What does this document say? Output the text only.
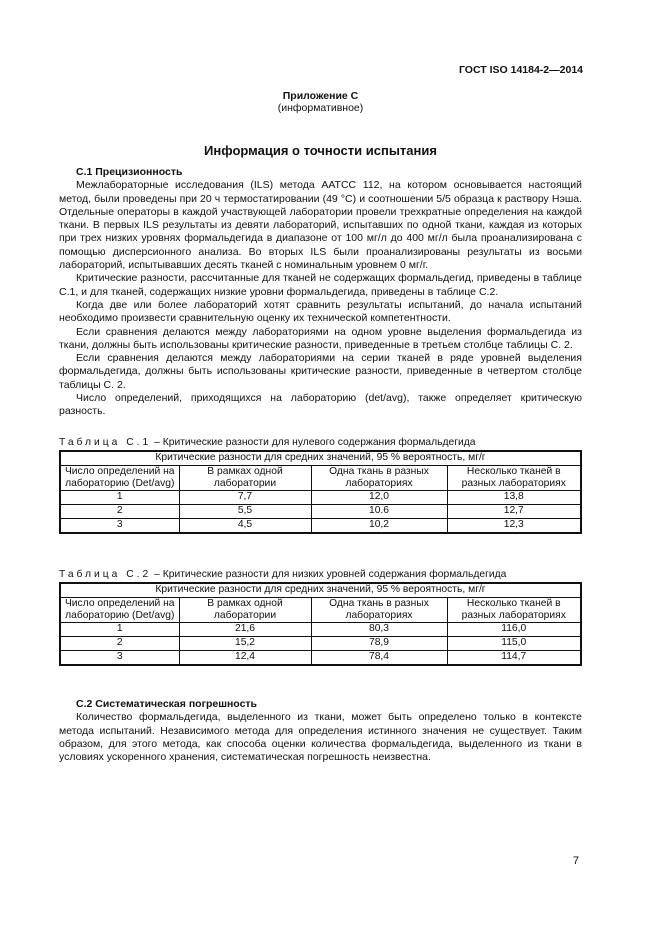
ГОСТ ISO 14184-2—2014
Приложение С
(информативное)
Информация о точности испытания
С.1 Прецизионность

Межлабораторные исследования (ILS) метода AATCC 112, на котором основывается настоящий метод, были проведены при 20 ч термостатировании (49 °С) и соотношении 5/5 образца к раствору Нэша. Отдельные операторы в каждой участвующей лаборатории провели трехкратные определения на каждой ткани. В первых ILS результаты из девяти лабораторий, испытавших по одной ткани, каждая из которых при трех низких уровнях формальдегида в диапазоне от 100 мг/л до 400 мг/л была проанализирована с помощью дисперсионного анализа. Во вторых ILS были проанализированы результаты из восьми лабораторий, испытывавших десять тканей с номинальным уровнем 0 мг/г.

Критические разности, рассчитанные для тканей не содержащих формальдегид, приведены в таблице С.1, и для тканей, содержащих низкие уровни формальдегида, приведены в таблице С.2.

Когда две или более лабораторий хотят сравнить результаты испытаний, до начала испытаний необходимо произвести сравнительную оценку их технической компетентности.

Если сравнения делаются между лабораториями на одном уровне выделения формальдегида из ткани, должны быть использованы критические разности, приведенные в третьем столбце таблицы С. 2.

Если сравнения делаются между лабораториями на серии тканей в ряде уровней выделения формальдегида, должны быть использованы критические разности, приведенные в четвертом столбце таблицы С. 2.

Число определений, приходящихся на лабораторию (det/avg), также определяет критическую разность.

Таблица С.1 – Критические разности для нулевого содержания формальдегида
Критические разности для средних значений, 95 % вероятность, мг/г			
Число определений на лабораторию (Det/avg)	В рамках одной лаборатории	Одна ткань в разных лабораториях	Несколько тканей в разных лабораториях
1	7,7	12,0	13,8
2	5,5	10.6	12,7
3	4,5	10,2	12,3
Таблица С.2 – Критические разности для низких уровней содержания формальдегида
Критические разности для средних значений, 95 % вероятность, мг/г			
Число определений на лабораторию (Det/avg)	В рамках одной лаборатории	Одна ткань в разных лабораториях	Несколько тканей в разных лабораториях
1	21,6	80,3	116,0
2	15,2	78,9	115,0
3	12,4	78,4	114,7
С.2 Систематическая погрешность

Количество формальдегида, выделенного из ткани, может быть определено только в контексте метода испытаний. Независимого метода для определения истинного значения не существует. Таким образом, для этого метода, как способа оценки количества формальдегида, выделенного из ткани в условиях ускоренного хранения, систематическая погрешность неизвестна.

7
